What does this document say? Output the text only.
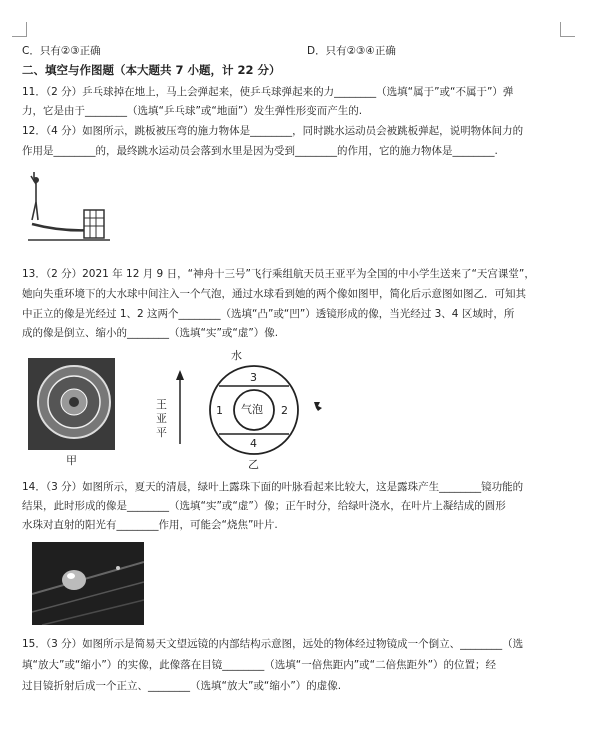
C．只有②③正确	D．只有②③④正确
二、填空与作图题（本大题共 7 小题，计 22 分）
11．（2 分）乒乓球掉在地上，马上会弹起来，使乒乓球弹起来的力________（选填“属于”或“不属于”）弹
力，它是由于________（选填“乒乓球”或“地面”）发生弹性形变而产生的.
12．（4 分）如图所示，跳板被压弯的施力物体是________，同时跳水运动员会被跳板弹起，说明物体间力的
作用是________的，最终跳水运动员会落到水里是因为受到________的作用，它的施力物体是________.
13．（2 分）2021 年 12 月 9 日，“神舟十三号”飞行乘组航天员王亚平为全国的中小学生送来了“天宫课堂”，
她向失重环境下的大水球中间注入一个气泡，通过水球看到她的两个像如图甲，简化后示意图如图乙．可知其
中正立的像是光经过 1、2 这两个________（选填“凸”或“凹”）透镜形成的像，当光经过 3、4 区域时，所
成的像是倒立、缩小的________（选填“实”或“虚”）像.
甲
王
亚
平
水
3
1 气泡 2
4
乙
14．（3 分）如图所示，夏天的清晨，绿叶上露珠下面的叶脉看起来比较大，这是露珠产生________镜功能的
结果，此时形成的像是________（选填“实”或“虚”）像；正午时分，给绿叶浇水，在叶片上凝结成的圆形
水珠对直射的阳光有________作用，可能会“烧焦”叶片.
15．（3 分）如图所示是简易天文望远镜的内部结构示意图，远处的物体经过物镜成一个倒立、________（选
填“放大”或“缩小”）的实像，此像落在目镜________（选填“一倍焦距内”或“二倍焦距外”）的位置；经
过目镜折射后成一个正立、________（选填“放大”或“缩小”）的虚像.
